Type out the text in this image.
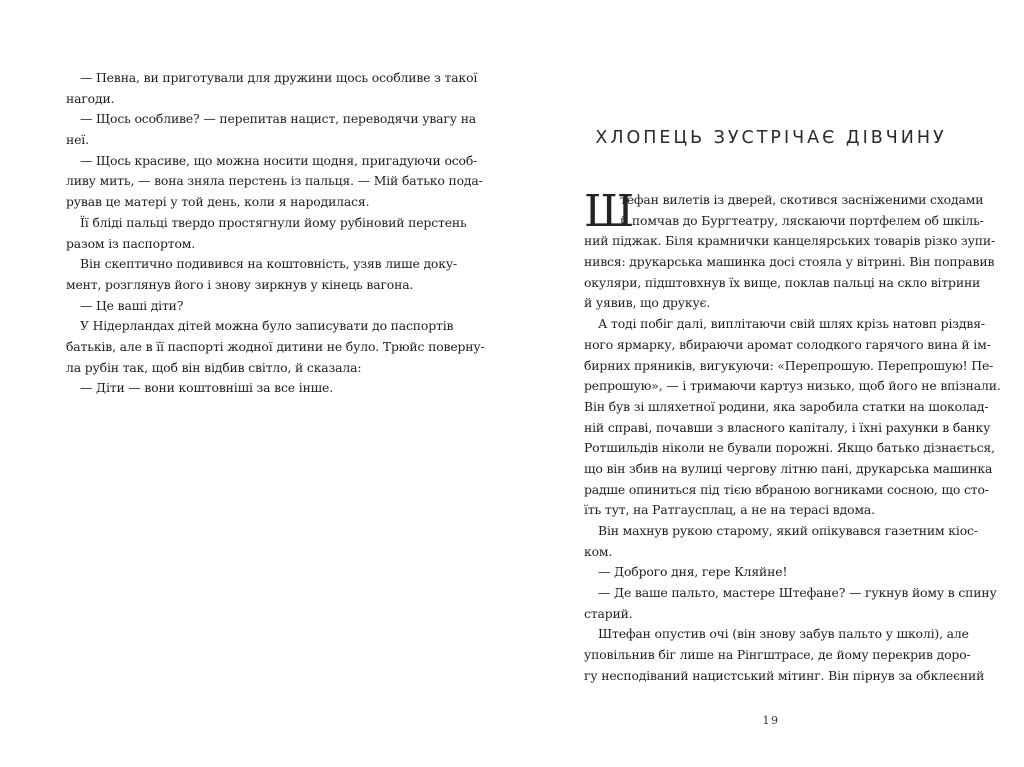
— Певна, ви приготували для дружини щось особливе з такої
нагоди.
— Щось особливе? — перепитав нацист, переводячи увагу на
неї.
— Щось красиве, що можна носити щодня, пригадуючи особ-
ливу мить, — вона зняла перстень із пальця. — Мій батько пода-
рував це матері у той день, коли я народилася.
Її бліді пальці твердо простягнули йому рубіновий перстень
разом із паспортом.
Він скептично подивився на коштовність, узяв лише доку-
мент, розглянув його і знову зиркнув у кінець вагона.
— Це ваші діти?
У Нідерландах дітей можна було записувати до паспортів
батьків, але в її паспорті жодної дитини не було. Трюйс поверну-
ла рубін так, щоб він відбив світло, й сказала:
— Діти — вони коштовніші за все інше.
ХЛОПЕЦЬ ЗУСТРІЧАЄ ДІВЧИНУ
Ш
тефан вилетів із дверей, скотився засніженими сходами
й помчав до Бургтеатру, ляскаючи портфелем об шкіль-
ний піджак. Біля крамнички канцелярських товарів різко зупи-
нився: друкарська машинка досі стояла у вітрині. Він поправив
окуляри, підштовхнув їх вище, поклав пальці на скло вітрини
й уявив, що друкує.
А тоді побіг далі, виплітаючи свій шлях крізь натовп різдвя-
ного ярмарку, вбираючи аромат солодкого гарячого вина й ім-
бирних пряників, вигукуючи: «Перепрошую. Перепрошую! Пе-
репрошую», — і тримаючи картуз низько, щоб його не впізнали.
Він був зі шляхетної родини, яка заробила статки на шоколад-
ній справі, почавши з власного капіталу, і їхні рахунки в банку
Ротшильдів ніколи не бували порожні. Якщо батько дізнається,
що він збив на вулиці чергову літню пані, друкарська машинка
радше опиниться під тією вбраною вогниками сосною, що сто-
їть тут, на Ратгаусплац, а не на терасі вдома.
Він махнув рукою старому, який опікувався газетним кіос-
ком.
— Доброго дня, гере Кляйне!
— Де ваше пальто, мастере Штефане? — гукнув йому в спину
старий.
Штефан опустив очі (він знову забув пальто у школі), але
уповільнив біг лише на Рінгштрасе, де йому перекрив доро-
гу несподіваний нацистський мітинг. Він пірнув за обклеєний
19
